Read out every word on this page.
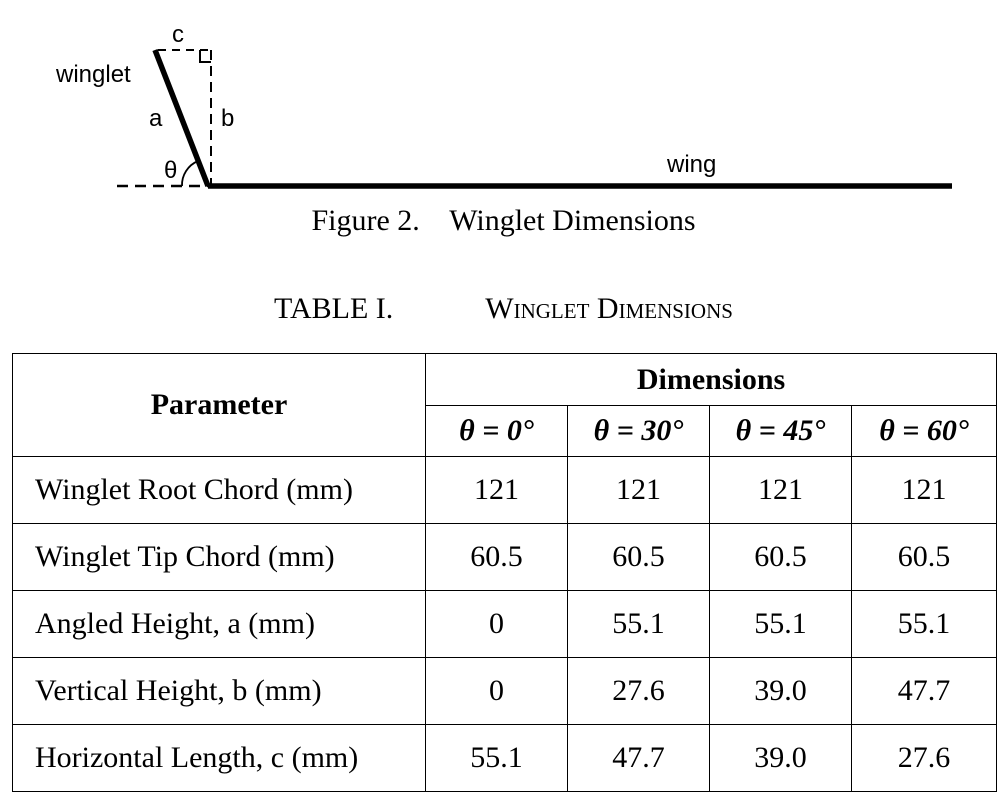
winglet
c
a b
θ	wing
Figure 2. Winglet Dimensions
TABLE I.	Winglet Dimensions
Parameter	Dimensions			
	θ = 0°	θ = 30°	θ = 45°	θ = 60°
Winglet Root Chord (mm)	121	121	121	121
Winglet Tip Chord (mm)	60.5	60.5	60.5	60.5
Angled Height, a (mm)	0	55.1	55.1	55.1
Vertical Height, b (mm)	0	27.6	39.0	47.7
Horizontal Length, c (mm)	55.1	47.7	39.0	27.6
